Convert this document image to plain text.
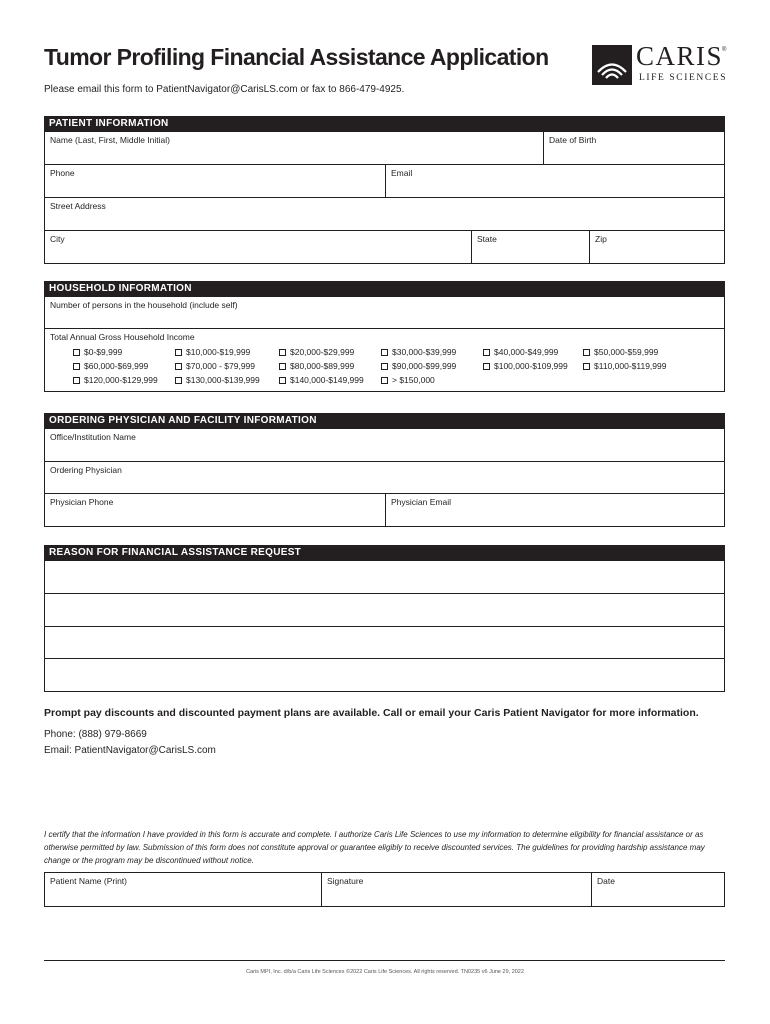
Tumor Profiling Financial Assistance Application
Please email this form to PatientNavigator@CarisLS.com or fax to 866-479-4925.
CARIS
®
LIFE SCIENCES
PATIENT INFORMATION
Name (Last, First, Middle Initial)	Date of Birth
Phone	Email
Street Address
City	State	Zip
HOUSEHOLD INFORMATION
Number of persons in the household (include self)
Total Annual Gross Household Income
$0-$9,999	$10,000-$19,999	$20,000-$29,999	$30,000-$39,999	$40,000-$49,999	$50,000-$59,999
$60,000-$69,999	$70,000 - $79,999	$80,000-$89,999	$90,000-$99,999	$100,000-$109,999	$110,000-$119,999
$120,000-$129,999	$130,000-$139,999	$140,000-$149,999	> $150,000
ORDERING PHYSICIAN AND FACILITY INFORMATION
Office/Institution Name
Ordering Physician
Physician Phone	Physician Email
REASON FOR FINANCIAL ASSISTANCE REQUEST
Prompt pay discounts and discounted payment plans are available. Call or email your Caris Patient Navigator for more information.
Phone: (888) 979-8669
Email: PatientNavigator@CarisLS.com
I certify that the information I have provided in this form is accurate and complete. I authorize Caris Life Sciences to use my information to determine eligibility for financial assistance or as otherwise permitted by law. Submission of this form does not constitute approval or guarantee eligibly to receive discounted services. The guidelines for providing hardship assistance may change or the program may be discontinued without notice.
Patient Name (Print)	Signature	Date
Caris MPI, Inc. d/b/a Caris Life Sciences ©2022 Caris Life Sciences. All rights reserved. TN0235 v6 June 29, 2022
